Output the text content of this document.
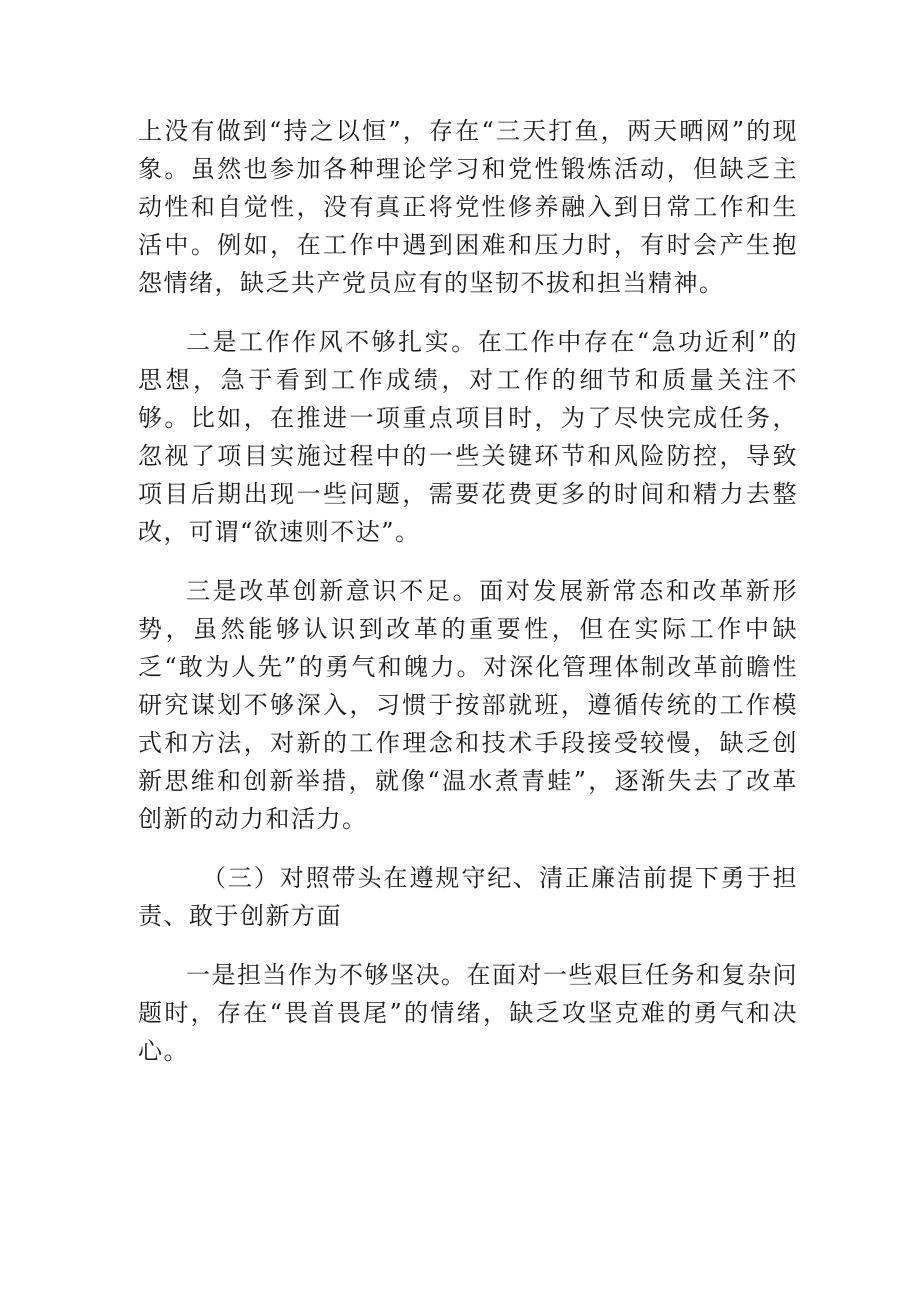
上没有做到“持之以恒”，存在“三天打鱼，两天晒网”的现象。虽然也参加各种理论学习和党性锻炼活动，但缺乏主动性和自觉性，没有真正将党性修养融入到日常工作和生活中。例如，在工作中遇到困难和压力时，有时会产生抱怨情绪，缺乏共产党员应有的坚韧不拔和担当精神。

二是工作作风不够扎实。在工作中存在“急功近利”的思想，急于看到工作成绩，对工作的细节和质量关注不够。比如，在推进一项重点项目时，为了尽快完成任务，忽视了项目实施过程中的一些关键环节和风险防控，导致项目后期出现一些问题，需要花费更多的时间和精力去整改，可谓“欲速则不达”。

三是改革创新意识不足。面对发展新常态和改革新形势，虽然能够认识到改革的重要性，但在实际工作中缺乏“敢为人先”的勇气和魄力。对深化管理体制改革前瞻性研究谋划不够深入，习惯于按部就班，遵循传统的工作模式和方法，对新的工作理念和技术手段接受较慢，缺乏创新思维和创新举措，就像“温水煮青蛙”，逐渐失去了改革创新的动力和活力。

（三）对照带头在遵规守纪、清正廉洁前提下勇于担责、敢于创新方面

一是担当作为不够坚决。在面对一些艰巨任务和复杂问题时，存在“畏首畏尾”的情绪，缺乏攻坚克难的勇气和决心。
